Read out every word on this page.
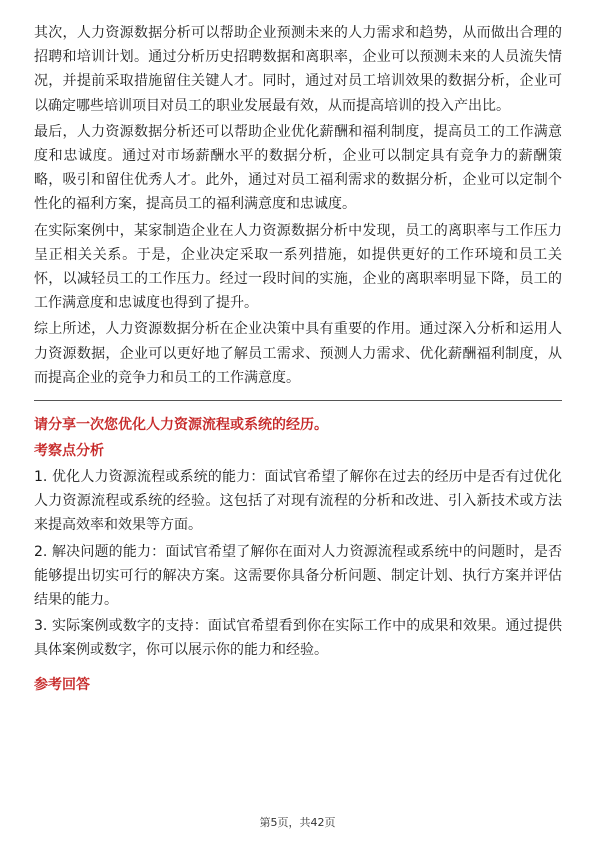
其次，人力资源数据分析可以帮助企业预测未来的人力需求和趋势，从而做出合理的招聘和培训计划。通过分析历史招聘数据和离职率，企业可以预测未来的人员流失情况，并提前采取措施留住关键人才。同时，通过对员工培训效果的数据分析，企业可以确定哪些培训项目对员工的职业发展最有效，从而提高培训的投入产出比。

最后，人力资源数据分析还可以帮助企业优化薪酬和福利制度，提高员工的工作满意度和忠诚度。通过对市场薪酬水平的数据分析，企业可以制定具有竞争力的薪酬策略，吸引和留住优秀人才。此外，通过对员工福利需求的数据分析，企业可以定制个性化的福利方案，提高员工的福利满意度和忠诚度。

在实际案例中，某家制造企业在人力资源数据分析中发现，员工的离职率与工作压力呈正相关关系。于是，企业决定采取一系列措施，如提供更好的工作环境和员工关怀，以减轻员工的工作压力。经过一段时间的实施，企业的离职率明显下降，员工的工作满意度和忠诚度也得到了提升。

综上所述，人力资源数据分析在企业决策中具有重要的作用。通过深入分析和运用人力资源数据，企业可以更好地了解员工需求、预测人力需求、优化薪酬福利制度，从而提高企业的竞争力和员工的工作满意度。

请分享一次您优化人力资源流程或系统的经历。

考察点分析

1. 优化人力资源流程或系统的能力：面试官希望了解你在过去的经历中是否有过优化人力资源流程或系统的经验。这包括了对现有流程的分析和改进、引入新技术或方法来提高效率和效果等方面。

2. 解决问题的能力：面试官希望了解你在面对人力资源流程或系统中的问题时，是否能够提出切实可行的解决方案。这需要你具备分析问题、制定计划、执行方案并评估结果的能力。

3. 实际案例或数字的支持：面试官希望看到你在实际工作中的成果和效果。通过提供具体案例或数字，你可以展示你的能力和经验。

参考回答

第5页，共42页
